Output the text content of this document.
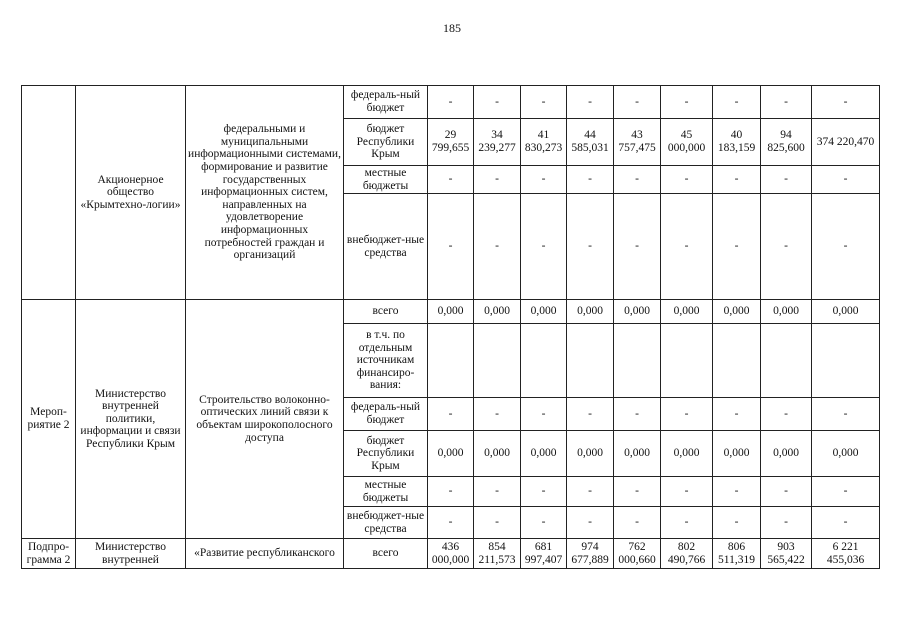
185
	Акционерное общество «Крымтехно-логии»	федеральными и муниципальными информационными системами, формирование и развитие государственных информационных систем, направленных на удовлетворение информационных потребностей граждан и организаций	федераль-ный бюджет	-	-	-	-	-	-	-	-	-
			бюджет Республики Крым	29 799,655	34 239,277	41 830,273	44 585,031	43 757,475	45 000,000	40 183,159	94 825,600	374 220,470
			местные бюджеты	-	-	-	-	-	-	-	-	-
			внебюджет-ные средства	-	-	-	-	-	-	-	-	-
Мероп-риятие 2	Министерство внутренней политики, информации и связи Республики Крым	Строительство волоконно-оптических линий связи к объектам широкополосного доступа	всего	0,000	0,000	0,000	0,000	0,000	0,000	0,000	0,000	0,000
			в т.ч. по отдельным источникам финансиро-вания:									
			федераль-ный бюджет	-	-	-	-	-	-	-	-	-
			бюджет Республики Крым	0,000	0,000	0,000	0,000	0,000	0,000	0,000	0,000	0,000
			местные бюджеты	-	-	-	-	-	-	-	-	-
			внебюджет-ные средства	-	-	-	-	-	-	-	-	-
Подпро-грамма 2	Министерство внутренней	«Развитие республиканского	всего	436 000,000	854 211,573	681 997,407	974 677,889	762 000,660	802 490,766	806 511,319	903 565,422	6 221 455,036
